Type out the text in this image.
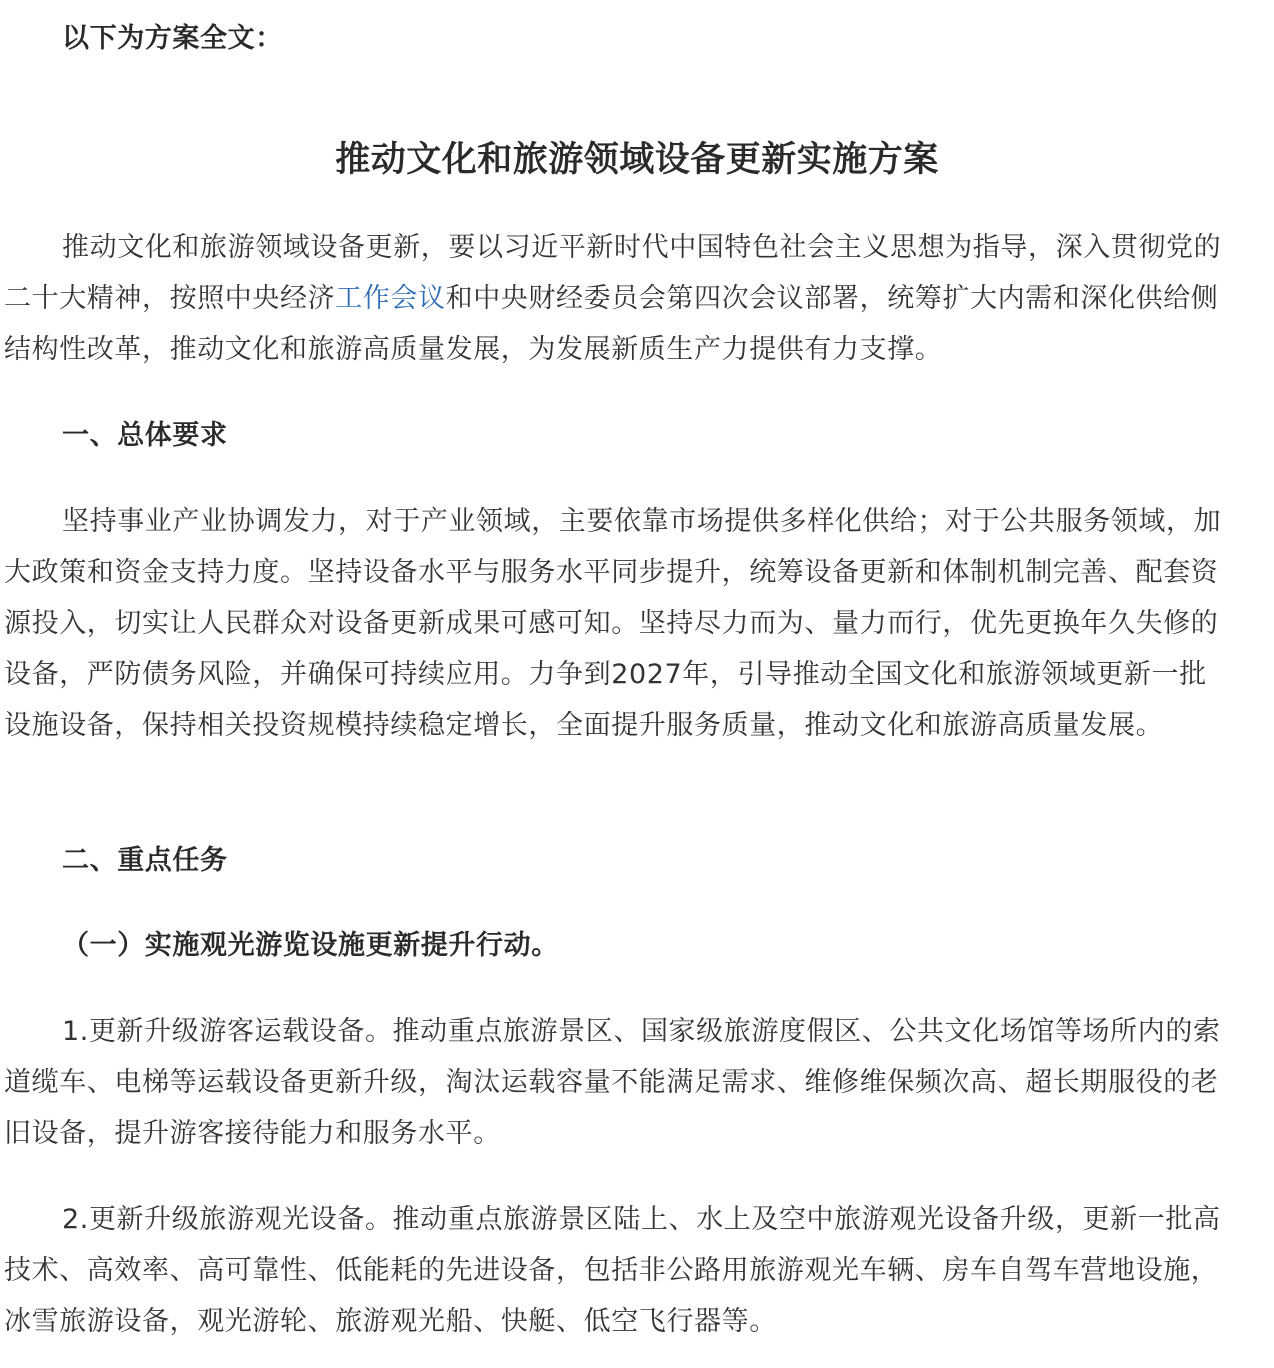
以下为方案全文：

推动文化和旅游领域设备更新实施方案

推动文化和旅游领域设备更新，要以习近平新时代中国特色社会主义思想为指导，深入贯彻党的二十大精神，按照中央经济工作会议和中央财经委员会第四次会议部署，统筹扩大内需和深化供给侧结构性改革，推动文化和旅游高质量发展，为发展新质生产力提供有力支撑。

一、总体要求

坚持事业产业协调发力，对于产业领域，主要依靠市场提供多样化供给；对于公共服务领域，加大政策和资金支持力度。坚持设备水平与服务水平同步提升，统筹设备更新和体制机制完善、配套资源投入，切实让人民群众对设备更新成果可感可知。坚持尽力而为、量力而行，优先更换年久失修的设备，严防债务风险，并确保可持续应用。力争到2027年，引导推动全国文化和旅游领域更新一批设施设备，保持相关投资规模持续稳定增长，全面提升服务质量，推动文化和旅游高质量发展。

二、重点任务

（一）实施观光游览设施更新提升行动。

1.更新升级游客运载设备。推动重点旅游景区、国家级旅游度假区、公共文化场馆等场所内的索道缆车、电梯等运载设备更新升级，淘汰运载容量不能满足需求、维修维保频次高、超长期服役的老旧设备，提升游客接待能力和服务水平。

2.更新升级旅游观光设备。推动重点旅游景区陆上、水上及空中旅游观光设备升级，更新一批高技术、高效率、高可靠性、低能耗的先进设备，包括非公路用旅游观光车辆、房车自驾车营地设施，冰雪旅游设备，观光游轮、旅游观光船、快艇、低空飞行器等。
